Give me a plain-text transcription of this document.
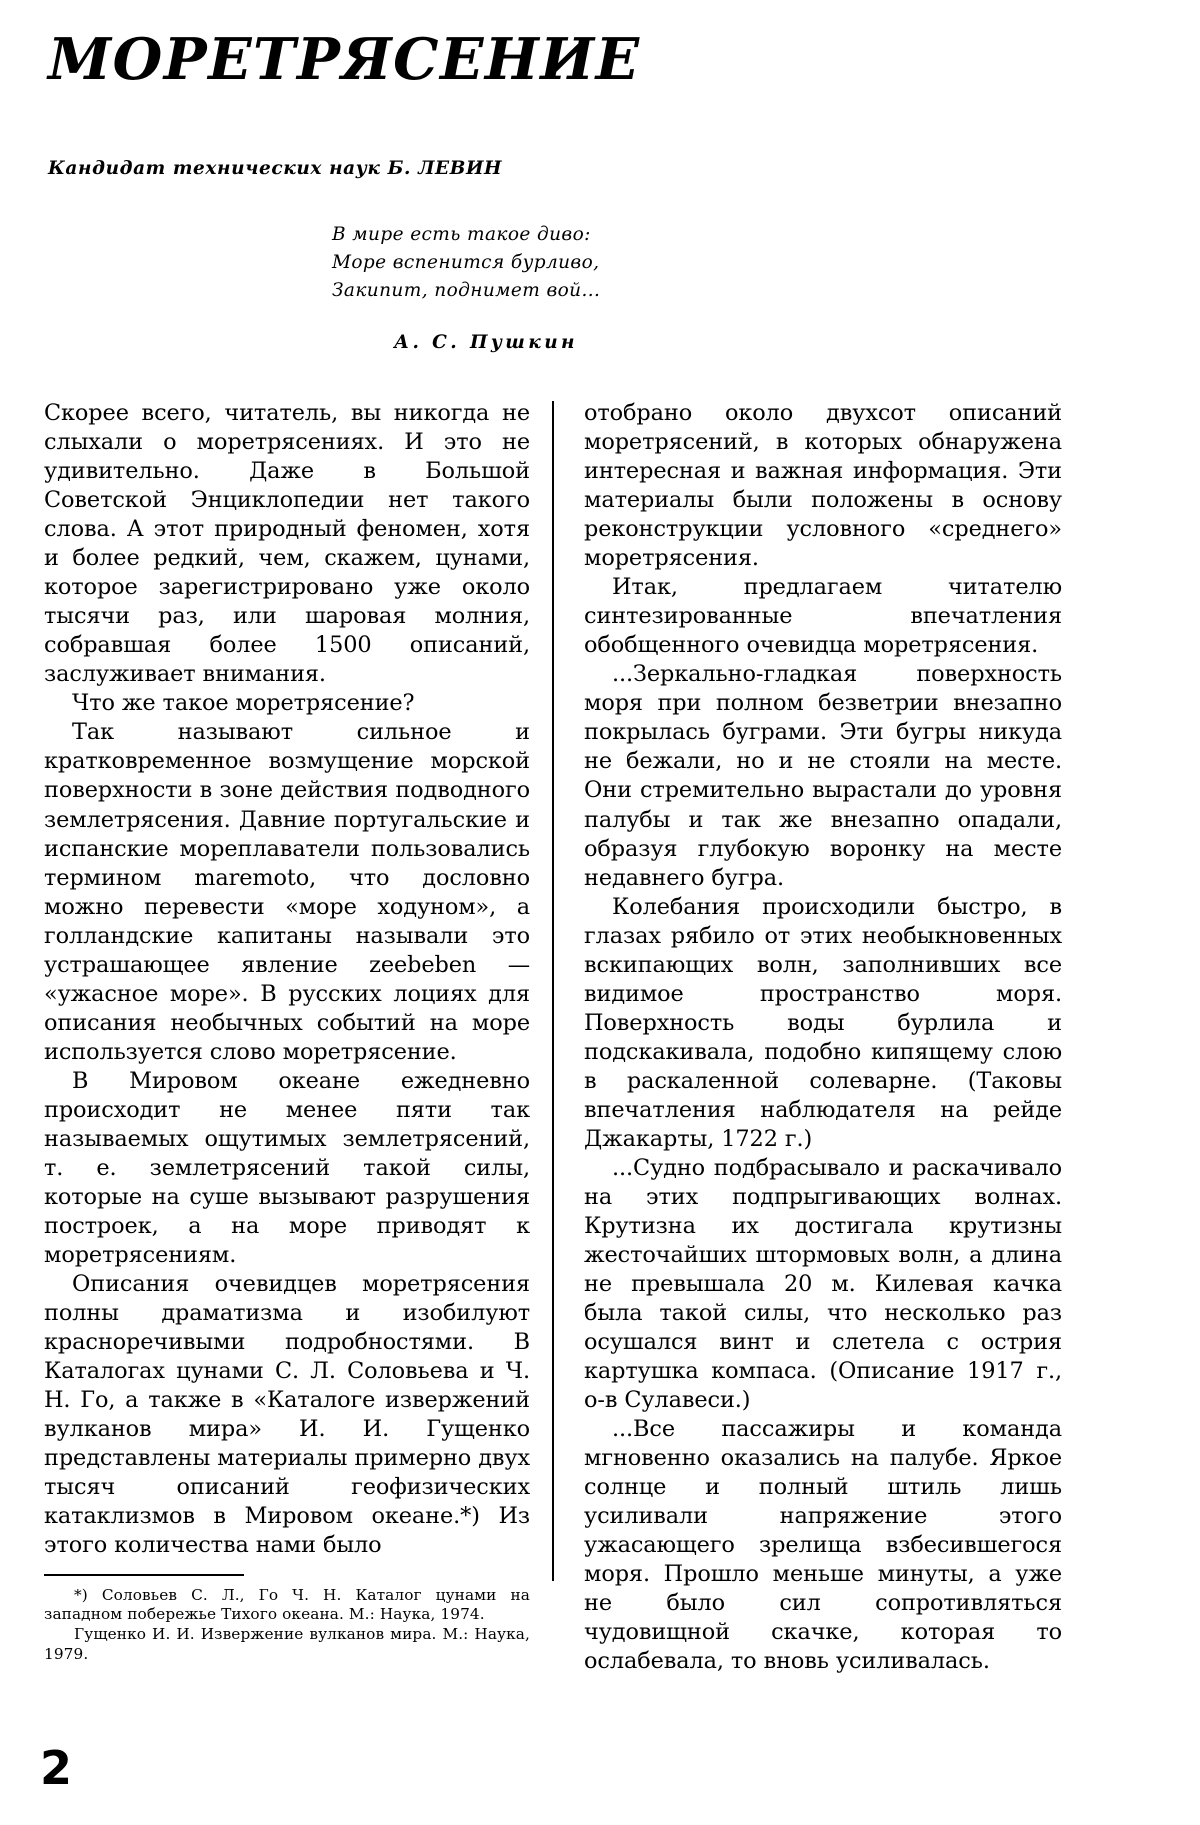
МОРЕТРЯСЕНИЕ
Кандидат технических наук Б. ЛЕВИН
В мире есть такое диво:
Море вспенится бурливо,
Закипит, поднимет вой...
А. С. Пушкин

Скорее всего, читатель, вы никогда не слыхали о моретрясениях. И это не удивительно. Даже в Большой Советской Энциклопедии нет такого слова. А этот природный феномен, хотя и более редкий, чем, скажем, цунами, которое зарегистрировано уже около тысячи раз, или шаровая молния, собравшая более 1500 описаний, заслуживает внимания.

Что же такое моретрясение?

Так называют сильное и кратковременное возмущение морской поверхности в зоне действия подводного землетрясения. Давние португальские и испанские мореплаватели пользовались термином maremoto, что дословно можно перевести «море ходуном», а голландские капитаны называли это устрашающее явление zeebeben — «ужасное море». В русских лоциях для описания необычных событий на море используется слово моретрясение.

В Мировом океане ежедневно происходит не менее пяти так называемых ощутимых землетрясений, т. е. землетрясений такой силы, которые на суше вызывают разрушения построек, а на море приводят к моретрясениям.

Описания очевидцев моретрясения полны драматизма и изобилуют красноречивыми подробностями. В Каталогах цунами С. Л. Соловьева и Ч. Н. Го, а также в «Каталоге извержений вулканов мира» И. И. Гущенко представлены материалы примерно двух тысяч описаний геофизических катаклизмов в Мировом океане.*) Из этого количества нами было

*) Соловьев С. Л., Го Ч. Н. Каталог цунами на западном побережье Тихого океана. М.: Наука, 1974.

Гущенко И. И. Извержение вулканов мира. М.: Наука, 1979.

отобрано около двухсот описаний моретрясений, в которых обнаружена интересная и важная информация. Эти материалы были положены в основу реконструкции условного «среднего» моретрясения.

Итак, предлагаем читателю синтезированные впечатления обобщенного очевидца моретрясения.

...Зеркально-гладкая поверхность моря при полном безветрии внезапно покрылась буграми. Эти бугры никуда не бежали, но и не стояли на месте. Они стремительно вырастали до уровня палубы и так же внезапно опадали, образуя глубокую воронку на месте недавнего бугра.

Колебания происходили быстро, в глазах рябило от этих необыкновенных вскипающих волн, заполнивших все видимое пространство моря. Поверхность воды бурлила и подскакивала, подобно кипящему слою в раскаленной солеварне. (Таковы впечатления наблюдателя на рейде Джакарты, 1722 г.)

...Судно подбрасывало и раскачивало на этих подпрыгивающих волнах. Крутизна их достигала крутизны жесточайших штормовых волн, а длина не превышала 20 м. Килевая качка была такой силы, что несколько раз осушался винт и слетела с острия картушка компаса. (Описание 1917 г., о-в Сулавеси.)

...Все пассажиры и команда мгновенно оказались на палубе. Яркое солнце и полный штиль лишь усиливали напряжение этого ужасающего зрелища взбесившегося моря. Прошло меньше минуты, а уже не было сил сопротивляться чудовищной скачке, которая то ослабевала, то вновь усиливалась.

2
